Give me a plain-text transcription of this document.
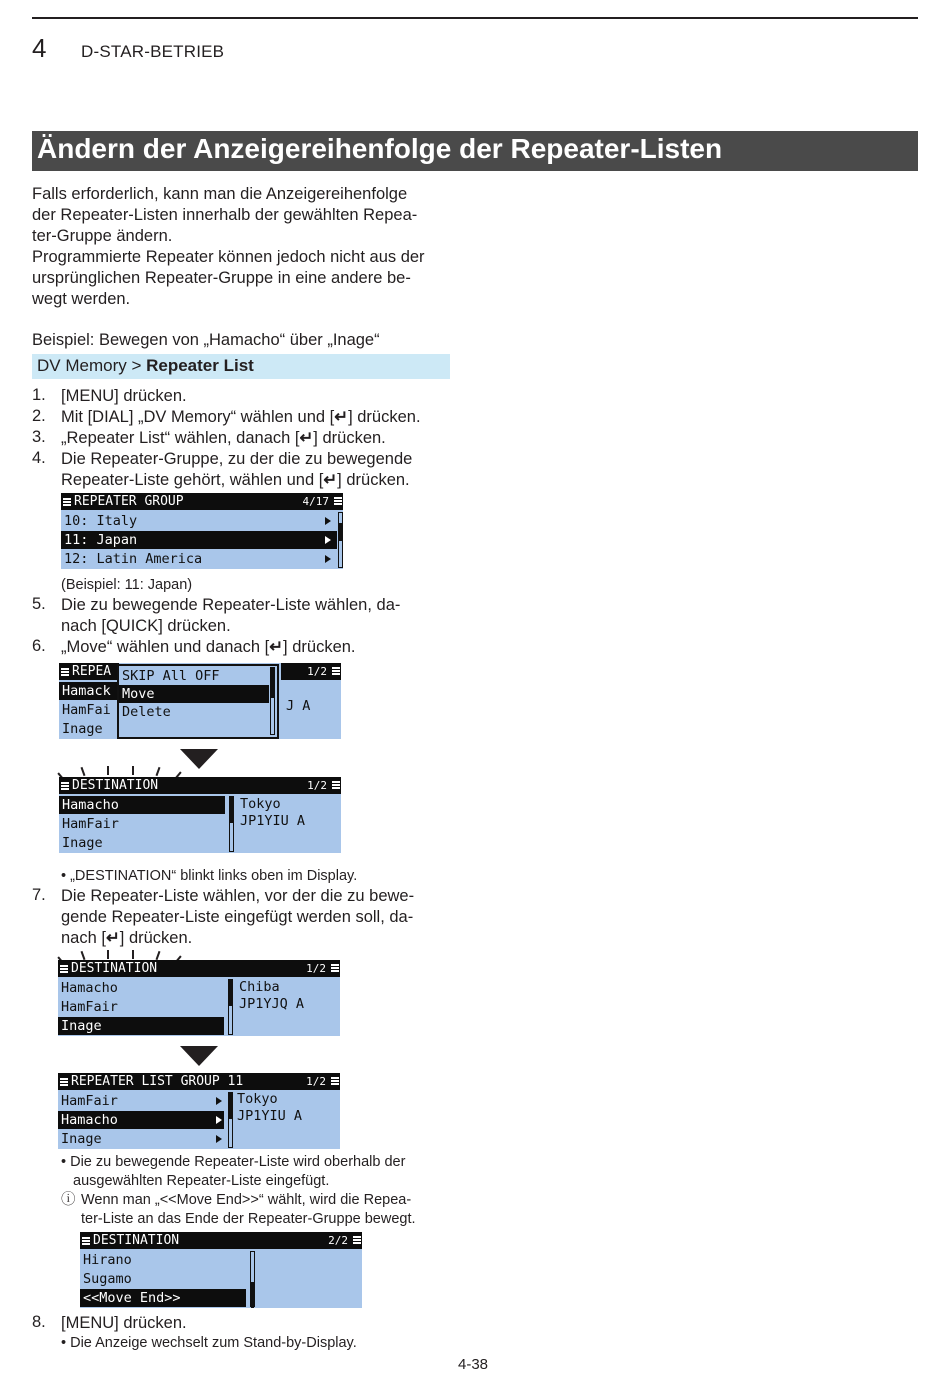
4 D-STAR-BETRIEB
Ändern der Anzeigereihenfolge der Repeater-Listen
Falls erforderlich, kann man die Anzeigereihenfolge
der Repeater-Listen innerhalb der gewählten Repea-
ter-Gruppe ändern.
Programmierte Repeater können jedoch nicht aus der
ursprünglichen Repeater-Gruppe in eine andere be-
wegt werden.
Beispiel: Bewegen von „Hamacho“ über „Inage“
DV Memory > Repeater List
1. [MENU] drücken.
2. Mit [DIAL] „DV Memory“ wählen und [↵] drücken.
3. „Repeater List“ wählen, danach [↵] drücken.
4. Die Repeater-Gruppe, zu der die zu bewegende
Repeater-Liste gehört, wählen und [↵] drücken.
REPEATER GROUP	4/17
10: Italy
11: Japan
12: Latin America
(Beispiel: 11: Japan)
5. Die zu bewegende Repeater-Liste wählen, da-
nach [QUICK] drücken.
6. „Move“ wählen und danach [↵] drücken.
REPEA	1/2
Hamack
HamFai
Inage
J A
SKIP All OFF
Move
Delete
DESTINATION	1/2
Hamacho
HamFair
Inage
Tokyo
JP1YIU A
• „DESTINATION“ blinkt links oben im Display.
7. Die Repeater-Liste wählen, vor der die zu bewe-
gende Repeater-Liste eingefügt werden soll, da-
nach [↵] drücken.
DESTINATION	1/2
Hamacho
HamFair
Inage
Chiba
JP1YJQ A
REPEATER LIST GROUP 11	1/2
HamFair
Hamacho
Inage
Tokyo
JP1YIU A
• Die zu bewegende Repeater-Liste wird oberhalb der
ausgewählten Repeater-Liste eingefügt.
ⓘ Wenn man „<<Move End>>“ wählt, wird die Repea-
ter-Liste an das Ende der Repeater-Gruppe bewegt.
DESTINATION	2/2
Hirano
Sugamo
<<Move End>>
8. [MENU] drücken.
• Die Anzeige wechselt zum Stand-by-Display.
4-38
